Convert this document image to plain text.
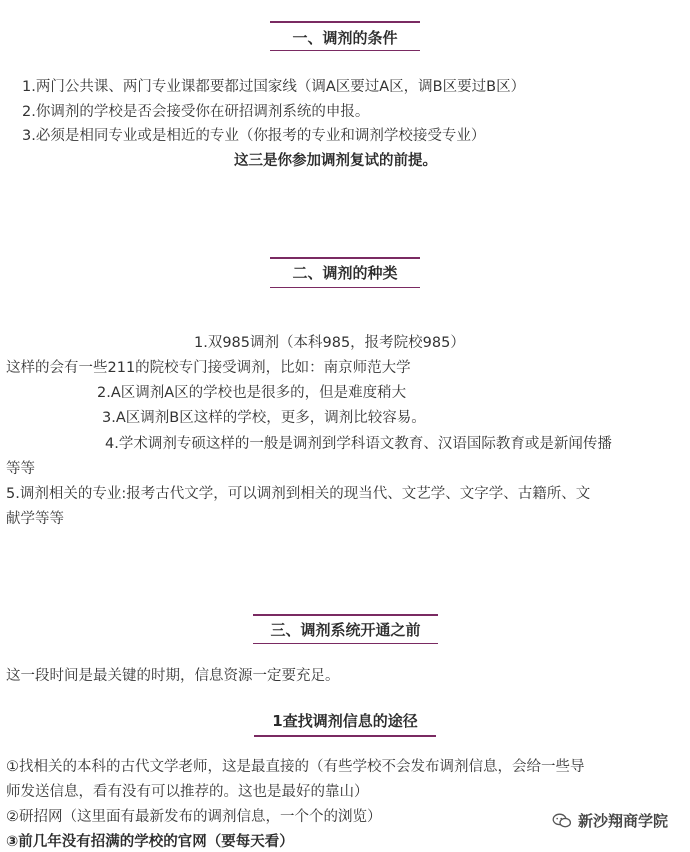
一、调剂的条件
1.两门公共课、两门专业课都要都过国家线（调A区要过A区，调B区要过B区）
2.你调剂的学校是否会接受你在研招调剂系统的申报。
3.必须是相同专业或是相近的专业（你报考的专业和调剂学校接受专业）
这三是你参加调剂复试的前提。
二、调剂的种类
1.双985调剂（本科985，报考院校985）
这样的会有一些211的院校专门接受调剂，比如：南京师范大学
2.A区调剂A区的学校也是很多的，但是难度稍大
3.A区调剂B区这样的学校，更多，调剂比较容易。
4.学术调剂专硕这样的一般是调剂到学科语文教育、汉语国际教育或是新闻传播
等等
5.调剂相关的专业:报考古代文学，可以调剂到相关的现当代、文艺学、文字学、古籍所、文
献学等等
三、调剂系统开通之前
这一段时间是最关键的时期，信息资源一定要充足。
1查找调剂信息的途径
①找相关的本科的古代文学老师，这是最直接的（有些学校不会发布调剂信息，会给一些导
师发送信息，看有没有可以推荐的。这也是最好的靠山）
②研招网（这里面有最新发布的调剂信息，一个个的浏览）
③前几年没有招满的学校的官网（要每天看）
新沙翔商学院
